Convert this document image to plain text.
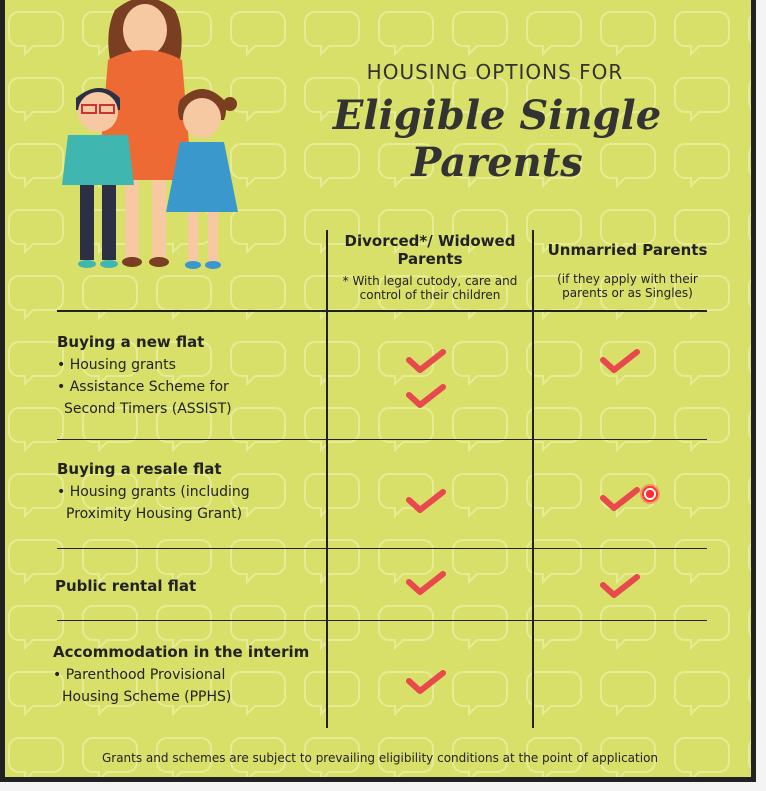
HOUSING OPTIONS FOR
Eligible Single Parents
Divorced*/ Widowed Parents
* With legal cutody, care and control of their children
Unmarried Parents
(if they apply with their parents or as Singles)
Buying a new flat
• Housing grants
• Assistance Scheme for
Second Timers (ASSIST)
Buying a resale flat
• Housing grants (including
Proximity Housing Grant)
Public rental flat
Accommodation in the interim
• Parenthood Provisional
Housing Scheme (PPHS)
Grants and schemes are subject to prevailing eligibility conditions at the point of application
